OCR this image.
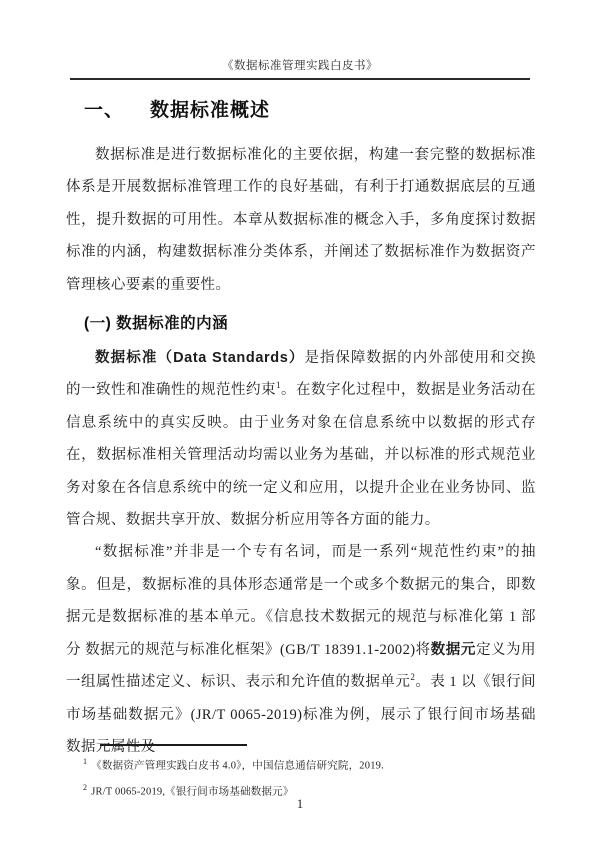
《数据标准管理实践白皮书》
一、 数据标准概述

数据标准是进行数据标准化的主要依据，构建一套完整的数据标准体系是开展数据标准管理工作的良好基础，有利于打通数据底层的互通性，提升数据的可用性。本章从数据标准的概念入手，多角度探讨数据标准的内涵，构建数据标准分类体系，并阐述了数据标准作为数据资产管理核心要素的重要性。

(一) 数据标准的内涵

数据标准（Data Standards）是指保障数据的内外部使用和交换的一致性和准确性的规范性约束$^1$。在数字化过程中，数据是业务活动在信息系统中的真实反映。由于业务对象在信息系统中以数据的形式存在，数据标准相关管理活动均需以业务为基础，并以标准的形式规范业务对象在各信息系统中的统一定义和应用，以提升企业在业务协同、监管合规、数据共享开放、数据分析应用等各方面的能力。

“数据标准”并非是一个专有名词，而是一系列“规范性约束”的抽象。但是，数据标准的具体形态通常是一个或多个数据元的集合，即数据元是数据标准的基本单元。《信息技术数据元的规范与标准化第 1 部分 数据元的规范与标准化框架》(GB/T 18391.1-2002)将数据元定义为用一组属性描述定义、标识、表示和允许值的数据单元$^2$。表 1 以《银行间市场基础数据元》(JR/T 0065-2019)标准为例，展示了银行间市场基础数据元属性及

$^1$ 《数据资产管理实践白皮书 4.0》，中国信息通信研究院，2019.
$^2$ JR/T 0065-2019,《银行间市场基础数据元》
1
